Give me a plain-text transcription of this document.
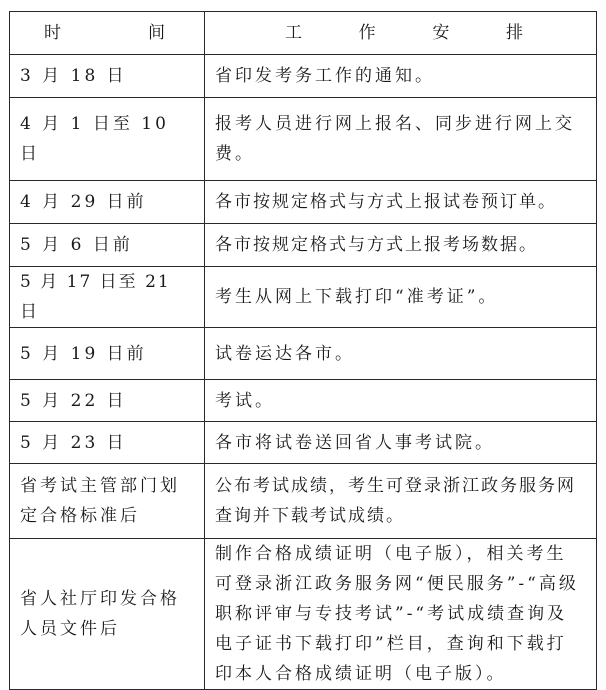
时 间	工 作 安 排

3 月 18 日	省印发考务工作的通知。
4 月 1 日至 10 日	报考人员进行网上报名、同步进行网上交费。
4 月 29 日前	各市按规定格式与方式上报试卷预订单。
5 月 6 日前	各市按规定格式与方式上报考场数据。
5 月 17 日至 21 日	考生从网上下载打印“准考证”。
5 月 19 日前	试卷运达各市。
5 月 22 日	考试。
5 月 23 日	各市将试卷送回省人事考试院。
省考试主管部门划定合格标准后	公布考试成绩，考生可登录浙江政务服务网查询并下载考试成绩。
省人社厅印发合格人员文件后	制作合格成绩证明（电子版），相关考生可登录浙江政务服务网“便民服务”-“高级职称评审与专技考试”-“考试成绩查询及电子证书下载打印”栏目，查询和下载打印本人合格成绩证明（电子版）。
